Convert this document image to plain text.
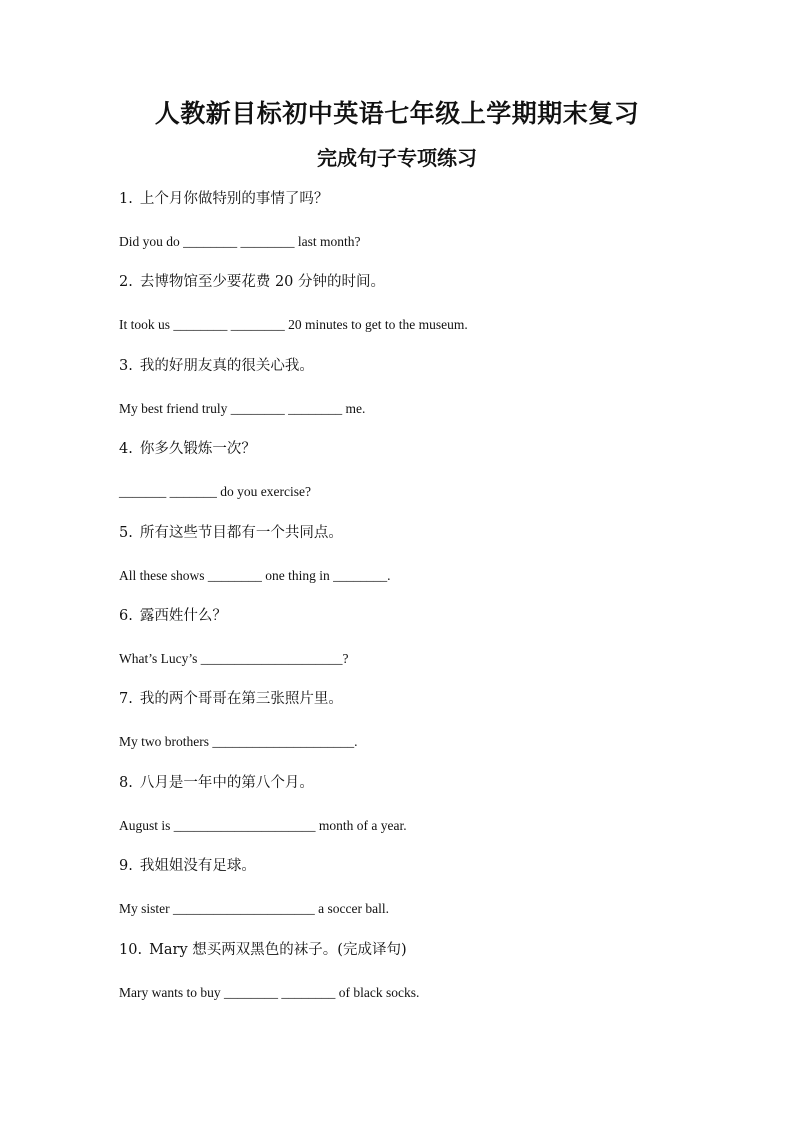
人教新目标初中英语七年级上学期期末复习
完成句子专项练习
1. 上个月你做特别的事情了吗？
Did you do ________ ________ last month?
2. 去博物馆至少要花费 20 分钟的时间。
It took us ________ ________ 20 minutes to get to the museum.
3. 我的好朋友真的很关心我。
My best friend truly ________ ________ me.
4. 你多久锻炼一次？
_______ _______ do you exercise?
5. 所有这些节目都有一个共同点。
All these shows ________ one thing in ________.
6. 露西姓什么？
What’s Lucy’s _____________________?
7. 我的两个哥哥在第三张照片里。
My two brothers _____________________.
8. 八月是一年中的第八个月。
August is _____________________ month of a year.
9. 我姐姐没有足球。
My sister _____________________ a soccer ball.
10. Mary 想买两双黑色的袜子。(完成译句)
Mary wants to buy ________ ________ of black socks.
